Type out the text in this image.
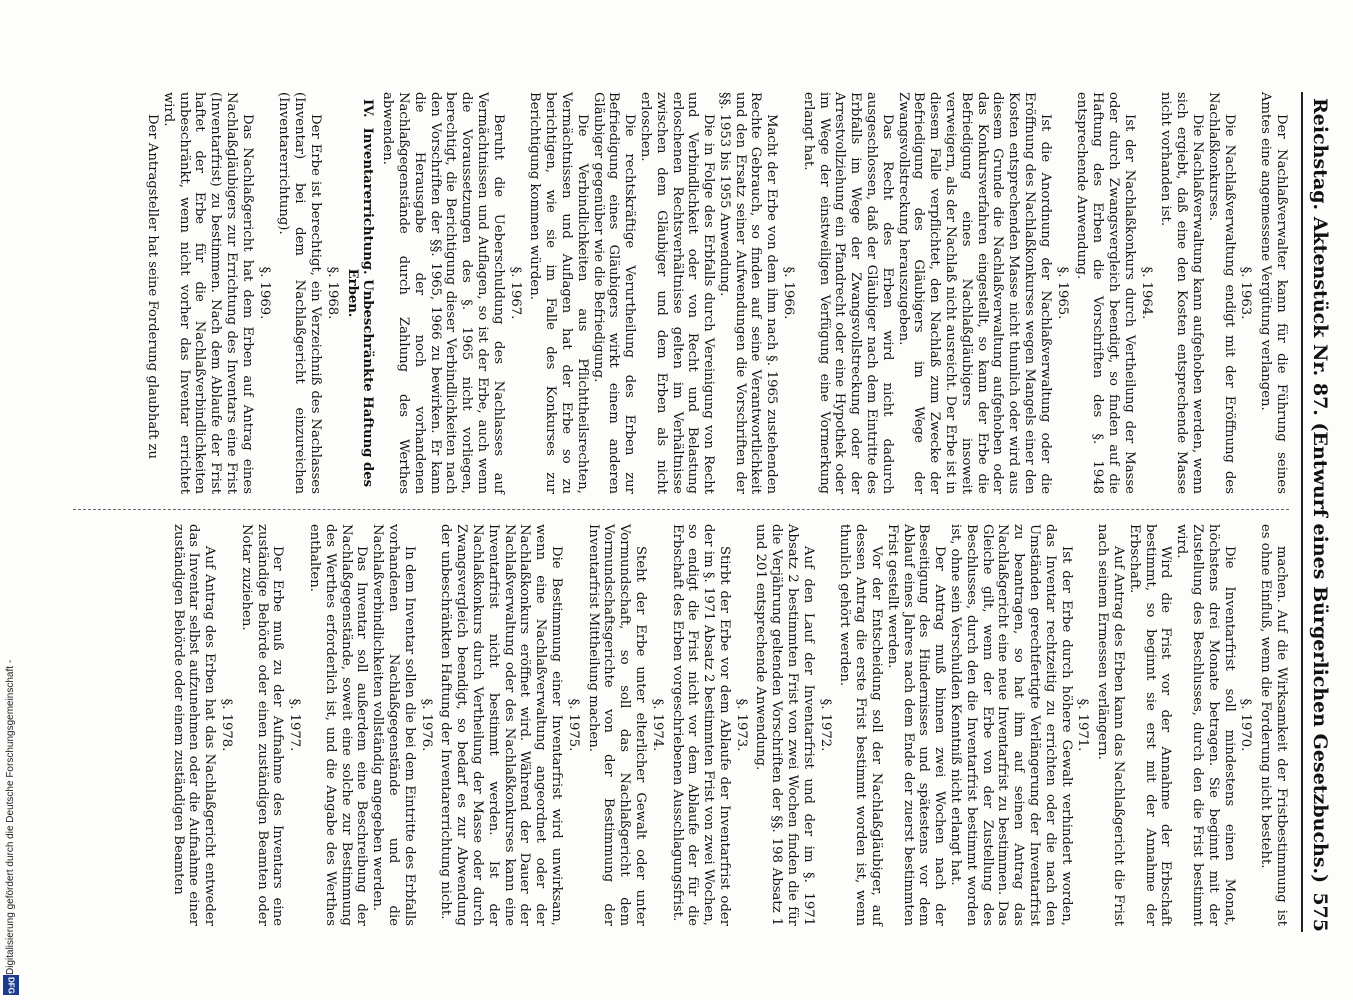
Reichstag. Aktenstück Nr. 87. (Entwurf eines Bürgerlichen Gesetzbuchs.)
575

Der Nachlaßverwalter kann für die Führung seines Amtes eine angemessene Vergütung verlangen.

§. 1963.

Die Nachlaßverwaltung endigt mit der Eröffnung des Nachlaßkonkurses.

Die Nachlaßverwaltung kann aufgehoben werden, wenn sich ergiebt, daß eine den Kosten entsprechende Masse nicht vorhanden ist.

§. 1964.

Ist der Nachlaßkonkurs durch Vertheilung der Masse oder durch Zwangsvergleich beendigt, so finden auf die Haftung des Erben die Vorschriften des §. 1948 entsprechende Anwendung.

§. 1965.

Ist die Anordnung der Nachlaßverwaltung oder die Eröffnung des Nachlaßkonkurses wegen Mangels einer den Kosten entsprechenden Masse nicht thunlich oder wird aus diesem Grunde die Nachlaßverwaltung aufgehoben oder das Konkursverfahren eingestellt, so kann der Erbe die Befriedigung eines Nachlaßgläubigers insoweit verweigern, als der Nachlaß nicht ausreicht. Der Erbe ist in diesem Falle verpflichtet, den Nachlaß zum Zwecke der Befriedigung des Gläubigers im Wege der Zwangsvollstreckung herauszugeben.

Das Recht des Erben wird nicht dadurch ausgeschlossen, daß der Gläubiger nach dem Eintritte des Erbfalls im Wege der Zwangsvollstreckung oder der Arrestvollziehung ein Pfandrecht oder eine Hypothek oder im Wege der einstweiligen Verfügung eine Vormerkung erlangt hat.

§. 1966.

Macht der Erbe von dem ihm nach §. 1965 zustehenden Rechte Gebrauch, so finden auf seine Verantwortlichkeit und den Ersatz seiner Aufwendungen die Vorschriften der §§. 1953 bis 1955 Anwendung.

Die in Folge des Erbfalls durch Vereinigung von Recht und Verbindlichkeit oder von Recht und Belastung erloschenen Rechtsverhältnisse gelten im Verhältnisse zwischen dem Gläubiger und dem Erben als nicht erloschen.

Die rechtskräftige Verurtheilung des Erben zur Befriedigung eines Gläubigers wirkt einem anderen Gläubiger gegenüber wie die Befriedigung.

Die Verbindlichkeiten aus Pflichttheilsrechten, Vermächtnissen und Auflagen hat der Erbe so zu berichtigen, wie sie im Falle des Konkurses zur Berichtigung kommen würden.

§. 1967.

Beruht die Ueberschuldung des Nachlasses auf Vermächtnissen und Auflagen, so ist der Erbe, auch wenn die Voraussetzungen des §. 1965 nicht vorliegen, berechtigt, die Berichtigung dieser Verbindlichkeiten nach den Vorschriften der §§. 1965, 1966 zu bewirken. Er kann die Herausgabe der noch vorhandenen Nachlaßgegenstände durch Zahlung des Werthes abwenden.

IV.Inventarerrichtung. Unbeschränkte Haftung des Erben.
§. 1968.

Der Erbe ist berechtigt, ein Verzeichniß des Nachlasses (Inventar) bei dem Nachlaßgericht einzureichen (Inventarerrichtung).

§. 1969.

Das Nachlaßgericht hat dem Erben auf Antrag eines Nachlaßgläubigers zur Errichtung des Inventars eine Frist (Inventarfrist) zu bestimmen. Nach dem Ablaufe der Frist haftet der Erbe für die Nachlaßverbindlichkeiten unbeschränkt, wenn nicht vorher das Inventar errichtet wird.

Der Antragsteller hat seine Forderung glaubhaft zu

machen. Auf die Wirksamkeit der Fristbestimmung ist es ohne Einfluß, wenn die Forderung nicht besteht.

§. 1970.

Die Inventarfrist soll mindestens einen Monat, höchstens drei Monate betragen. Sie beginnt mit der Zustellung des Beschlusses, durch den die Frist bestimmt wird.

Wird die Frist vor der Annahme der Erbschaft bestimmt, so beginnt sie erst mit der Annahme der Erbschaft.

Auf Antrag des Erben kann das Nachlaßgericht die Frist nach seinem Ermessen verlängern.

§. 1971.

Ist der Erbe durch höhere Gewalt verhindert worden, das Inventar rechtzeitig zu errichten oder die nach den Umständen gerechtfertigte Verlängerung der Inventarfrist zu beantragen, so hat ihm auf seinen Antrag das Nachlaßgericht eine neue Inventarfrist zu bestimmen. Das Gleiche gilt, wenn der Erbe von der Zustellung des Beschlusses, durch den die Inventarfrist bestimmt worden ist, ohne sein Verschulden Kenntniß nicht erlangt hat.

Der Antrag muß binnen zwei Wochen nach der Beseitigung des Hindernisses und spätestens vor dem Ablauf eines Jahres nach dem Ende der zuerst bestimmten Frist gestellt werden.

Vor der Entscheidung soll der Nachlaßgläubiger, auf dessen Antrag die erste Frist bestimmt worden ist, wenn thunlich gehört werden.

§. 1972.

Auf den Lauf der Inventarfrist und der im §. 1971 Absatz 2 bestimmten Frist von zwei Wochen finden die für die Verjährung geltenden Vorschriften der §§. 198 Absatz 1 und 201 entsprechende Anwendung.

§. 1973.

Stirbt der Erbe vor dem Ablaufe der Inventarfrist oder der im §. 1971 Absatz 2 bestimmten Frist von zwei Wochen, so endigt die Frist nicht vor dem Ablaufe der für die Erbschaft des Erben vorgeschriebenen Ausschlagungsfrist.

§. 1974.

Steht der Erbe unter elterlicher Gewalt oder unter Vormundschaft, so soll das Nachlaßgericht dem Vormundschaftsgerichte von der Bestimmung der Inventarfrist Mittheilung machen.

§. 1975.

Die Bestimmung einer Inventarfrist wird unwirksam, wenn eine Nachlaßverwaltung angeordnet oder der Nachlaßkonkurs eröffnet wird. Während der Dauer der Nachlaßverwaltung oder des Nachlaßkonkurses kann eine Inventarfrist nicht bestimmt werden. Ist der Nachlaßkonkurs durch Vertheilung der Masse oder durch Zwangsvergleich beendigt, so bedarf es zur Abwendung der unbeschränkten Haftung der Inventarerrichtung nicht.

§. 1976.

In dem Inventar sollen die bei dem Eintritte des Erbfalls vorhandenen Nachlaßgegenstände und die Nachlaßverbindlichkeiten vollständig angegeben werden.

Das Inventar soll außerdem eine Beschreibung der Nachlaßgegenstände, soweit eine solche zur Bestimmung des Werthes erforderlich ist, und die Angabe des Werthes enthalten.

§. 1977.

Der Erbe muß zu der Aufnahme des Inventars eine zuständige Behörde oder einen zuständigen Beamten oder Notar zuziehen.

§. 1978.

Auf Antrag des Erben hat das Nachlaßgericht entweder das Inventar selbst aufzunehmen oder die Aufnahme einer zuständigen Behörde oder einem zuständigen Beamten

Digitalisierung gefördert durch die Deutsche Forschungsgemeinschaft -
DFG
